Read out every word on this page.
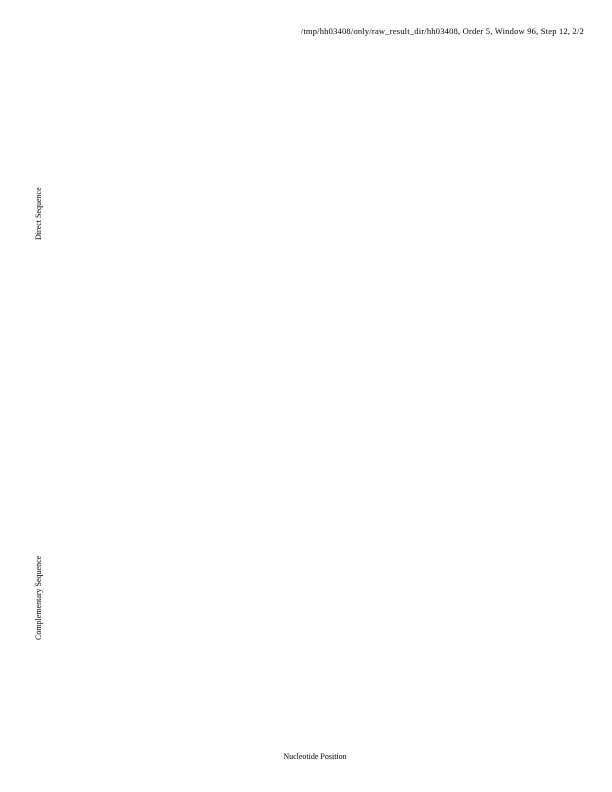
/tmp/hh03408/only/raw_result_dir/hh03408, Order 5, Window 96, Step 12, 2/2
Direct Sequence
Complementary Sequence
Nucleotide Position
